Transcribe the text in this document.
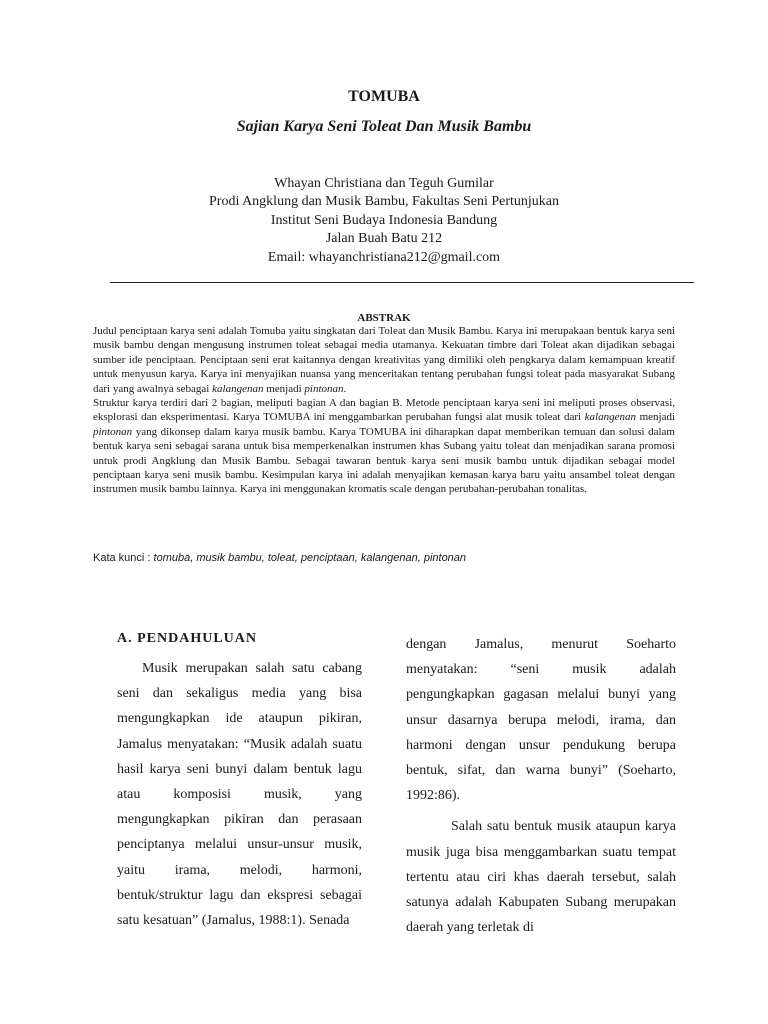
TOMUBA
Sajian Karya Seni Toleat Dan Musik Bambu
Whayan Christiana dan Teguh Gumilar
Prodi Angklung dan Musik Bambu, Fakultas Seni Pertunjukan
Institut Seni Budaya Indonesia Bandung
Jalan Buah Batu 212
Email: whayanchristiana212@gmail.com
ABSTRAK

Judul penciptaan karya seni adalah Tomuba yaitu singkatan dari Toleat dan Musik Bambu. Karya ini merupakaan bentuk karya seni musik bambu dengan mengusung instrumen toleat sebagai media utamanya. Kekuatan timbre dari Toleat akan dijadikan sebagai sumber ide penciptaan. Penciptaan seni erat kaitannya dengan kreativitas yang dimiliki oleh pengkarya dalam kemampuan kreatif untuk menyusun karya. Karya ini menyajikan nuansa yang menceritakan tentang perubahan fungsi toleat pada masyarakat Subang dari yang awalnya sebagai kalangenan menjadi pintonan.

Struktur karya terdiri dari 2 bagian, meliputi bagian A dan bagian B. Metode penciptaan karya seni ini meliputi proses observasi, eksplorasi dan eksperimentasi. Karya TOMUBA ini menggambarkan perubahan fungsi alat musik toleat dari kalangenan menjadi pintonan yang dikonsep dalam karya musik bambu. Karya TOMUBA ini diharapkan dapat memberikan temuan dan solusi dalam bentuk karya seni sebagai sarana untuk bisa memperkenalkan instrumen khas Subang yaitu toleat dan menjadikan sarana promosi untuk prodi Angklung dan Musik Bambu. Sebagai tawaran bentuk karya seni musik bambu untuk dijadikan sebagai model penciptaan karya seni musik bambu. Kesimpulan karya ini adalah menyajikan kemasan karya baru yaitu ansambel toleat dengan instrumen musik bambu lainnya. Karya ini menggunakan kromatis scale dengan perubahan-perubahan tonalitas.

Kata kunci : tomuba, musik bambu, toleat, penciptaan, kalangenan, pintonan
A. PENDAHULUAN

Musik merupakan salah satu cabang seni dan sekaligus media yang bisa mengungkapkan ide ataupun pikiran, Jamalus menyatakan: “Musik adalah suatu hasil karya seni bunyi dalam bentuk lagu atau komposisi musik, yang mengungkapkan pikiran dan perasaan penciptanya melalui unsur-unsur musik, yaitu irama, melodi, harmoni, bentuk/struktur lagu dan ekspresi sebagai satu kesatuan” (Jamalus, 1988:1). Senada

dengan Jamalus, menurut Soeharto menyatakan: “seni musik adalah pengungkapkan gagasan melalui bunyi yang unsur dasarnya berupa melodi, irama, dan harmoni dengan unsur pendukung berupa bentuk, sifat, dan warna bunyi” (Soeharto, 1992:86).

Salah satu bentuk musik ataupun karya musik juga bisa menggambarkan suatu tempat tertentu atau ciri khas daerah tersebut, salah satunya adalah Kabupaten Subang merupakan daerah yang terletak di
